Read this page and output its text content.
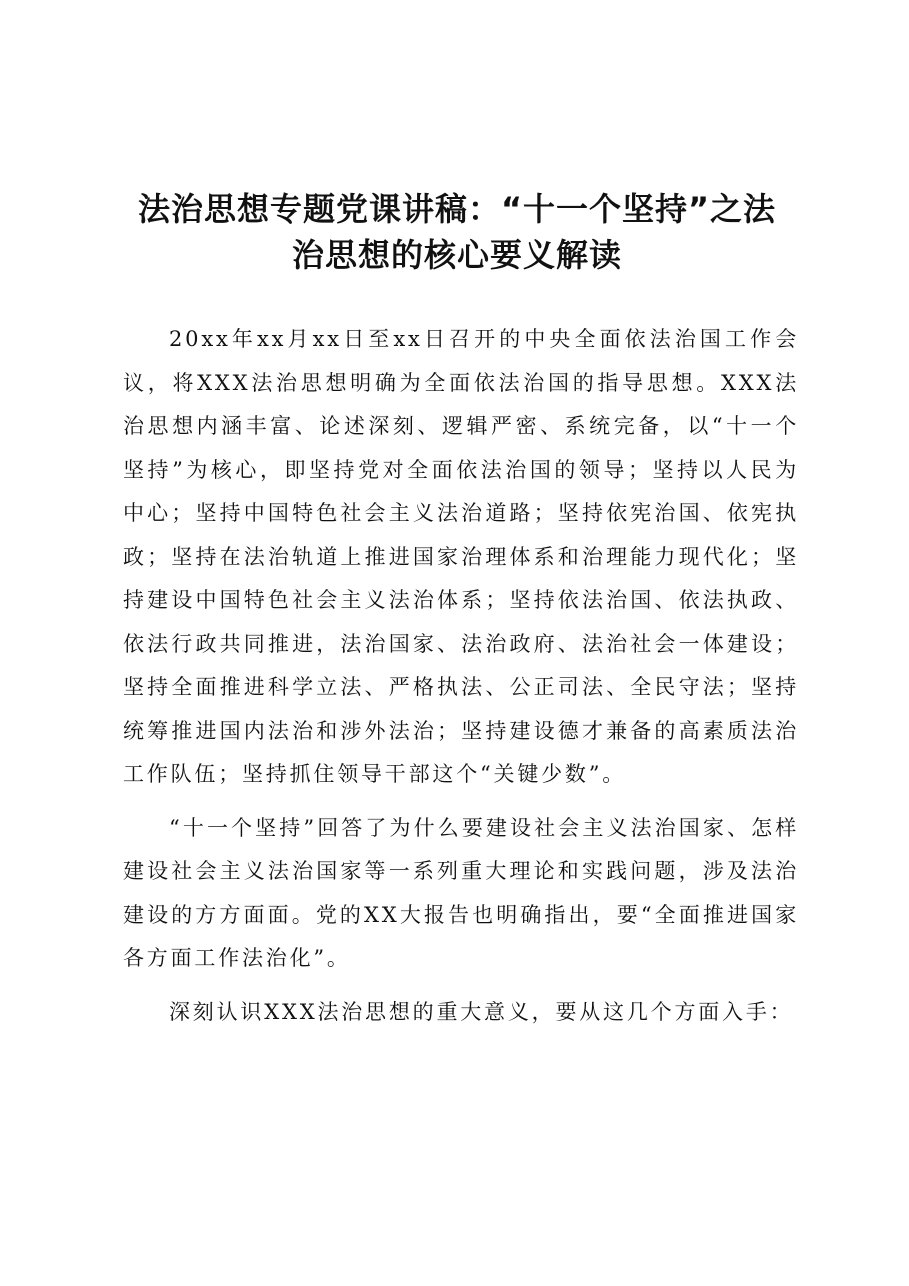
法治思想专题党课讲稿：“十一个坚持”之法
治思想的核心要义解读

20xx年xx月xx日至xx日召开的中央全面依法治国工作会议，将XXX法治思想明确为全面依法治国的指导思想。XXX法治思想内涵丰富、论述深刻、逻辑严密、系统完备，以“十一个坚持”为核心，即坚持党对全面依法治国的领导；坚持以人民为中心；坚持中国特色社会主义法治道路；坚持依宪治国、依宪执政；坚持在法治轨道上推进国家治理体系和治理能力现代化；坚持建设中国特色社会主义法治体系；坚持依法治国、依法执政、依法行政共同推进，法治国家、法治政府、法治社会一体建设；坚持全面推进科学立法、严格执法、公正司法、全民守法；坚持统筹推进国内法治和涉外法治；坚持建设德才兼备的高素质法治工作队伍；坚持抓住领导干部这个“关键少数”。

“十一个坚持”回答了为什么要建设社会主义法治国家、怎样建设社会主义法治国家等一系列重大理论和实践问题，涉及法治建设的方方面面。党的XX大报告也明确指出，要“全面推进国家各方面工作法治化”。

深刻认识XXX法治思想的重大意义，要从这几个方面入手：
